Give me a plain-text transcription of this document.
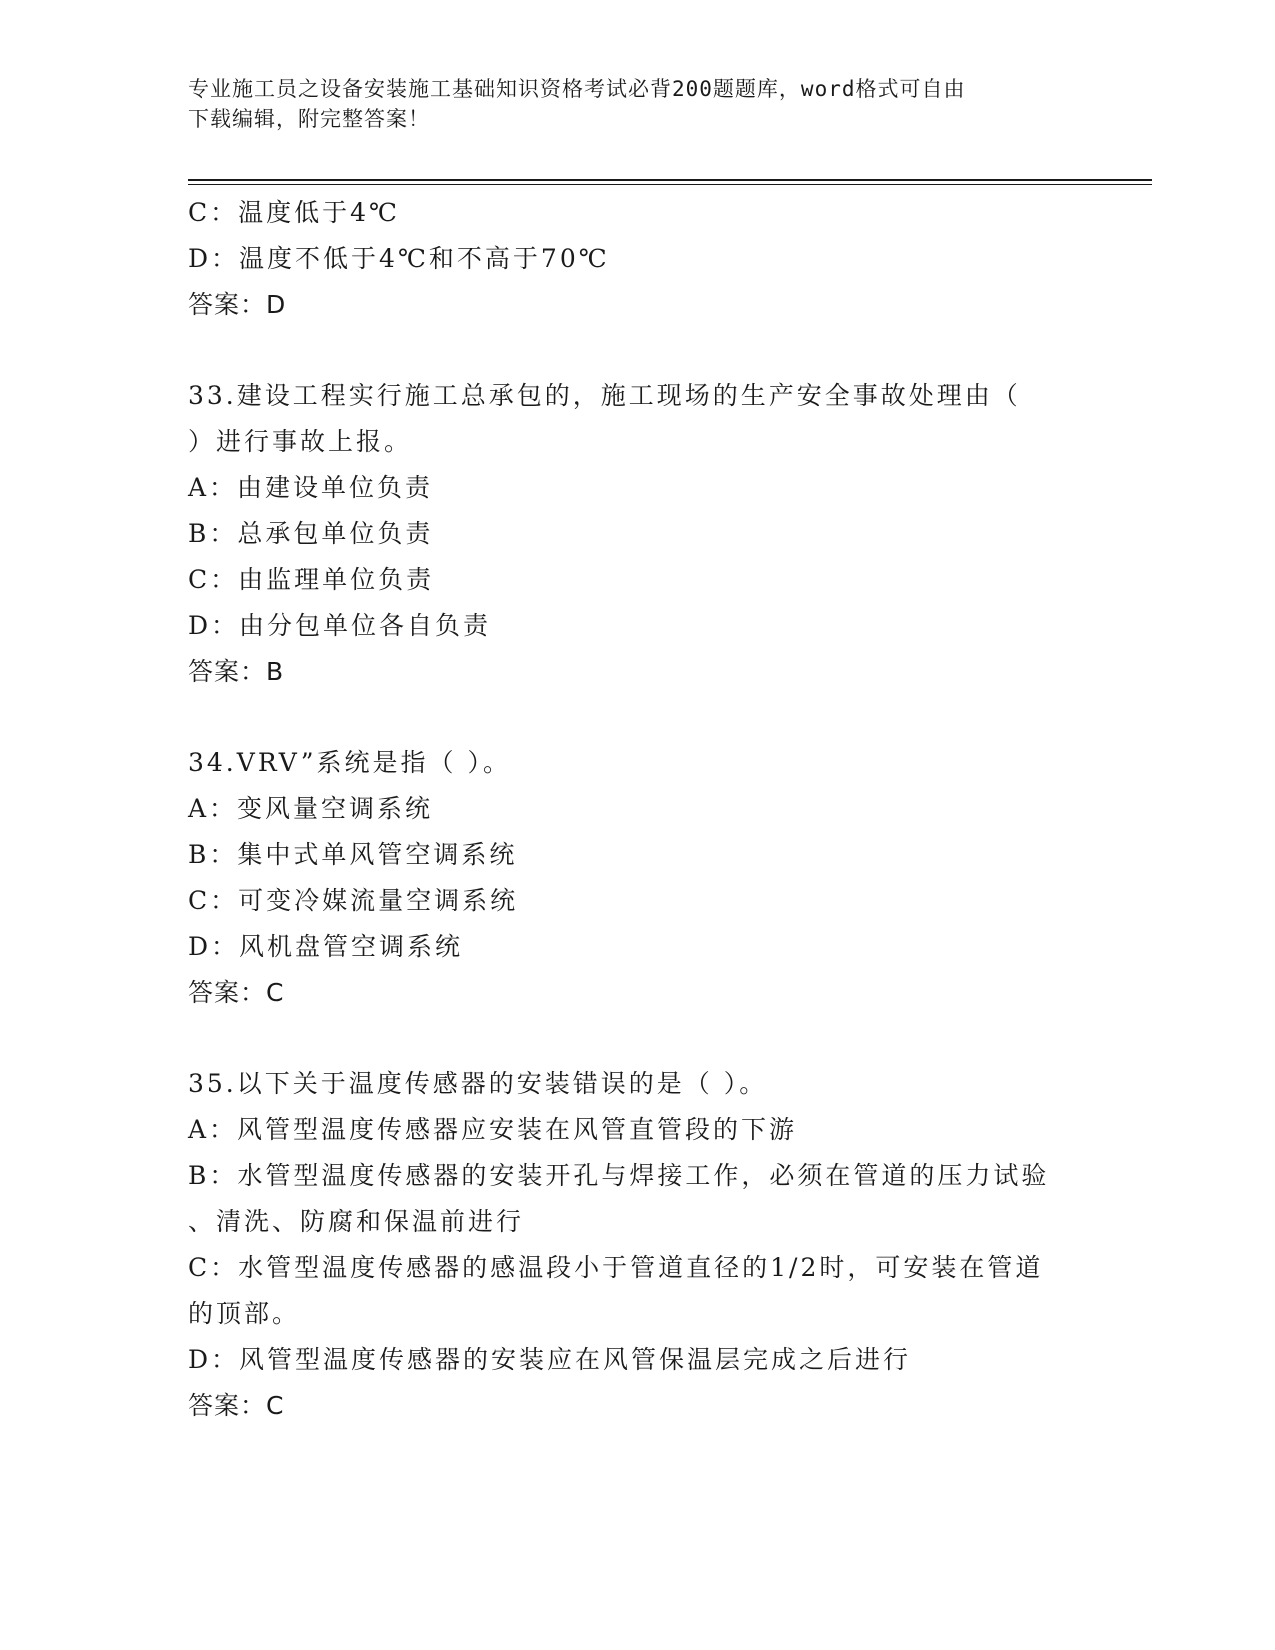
专业施工员之设备安装施工基础知识资格考试必背200题题库，word格式可自由
下载编辑，附完整答案！
C：温度低于4℃
D：温度不低于4℃和不高于70℃
答案：D
33.建设工程实行施工总承包的，施工现场的生产安全事故处理由（
）进行事故上报。
A：由建设单位负责
B：总承包单位负责
C：由监理单位负责
D：由分包单位各自负责
答案：B
34.VRV”系统是指（ ）。
A：变风量空调系统
B：集中式单风管空调系统
C：可变冷媒流量空调系统
D：风机盘管空调系统
答案：C
35.以下关于温度传感器的安装错误的是（ ）。
A：风管型温度传感器应安装在风管直管段的下游
B：水管型温度传感器的安装开孔与焊接工作，必须在管道的压力试验
、清洗、防腐和保温前进行
C：水管型温度传感器的感温段小于管道直径的1/2时，可安装在管道
的顶部。
D：风管型温度传感器的安装应在风管保温层完成之后进行
答案：C
